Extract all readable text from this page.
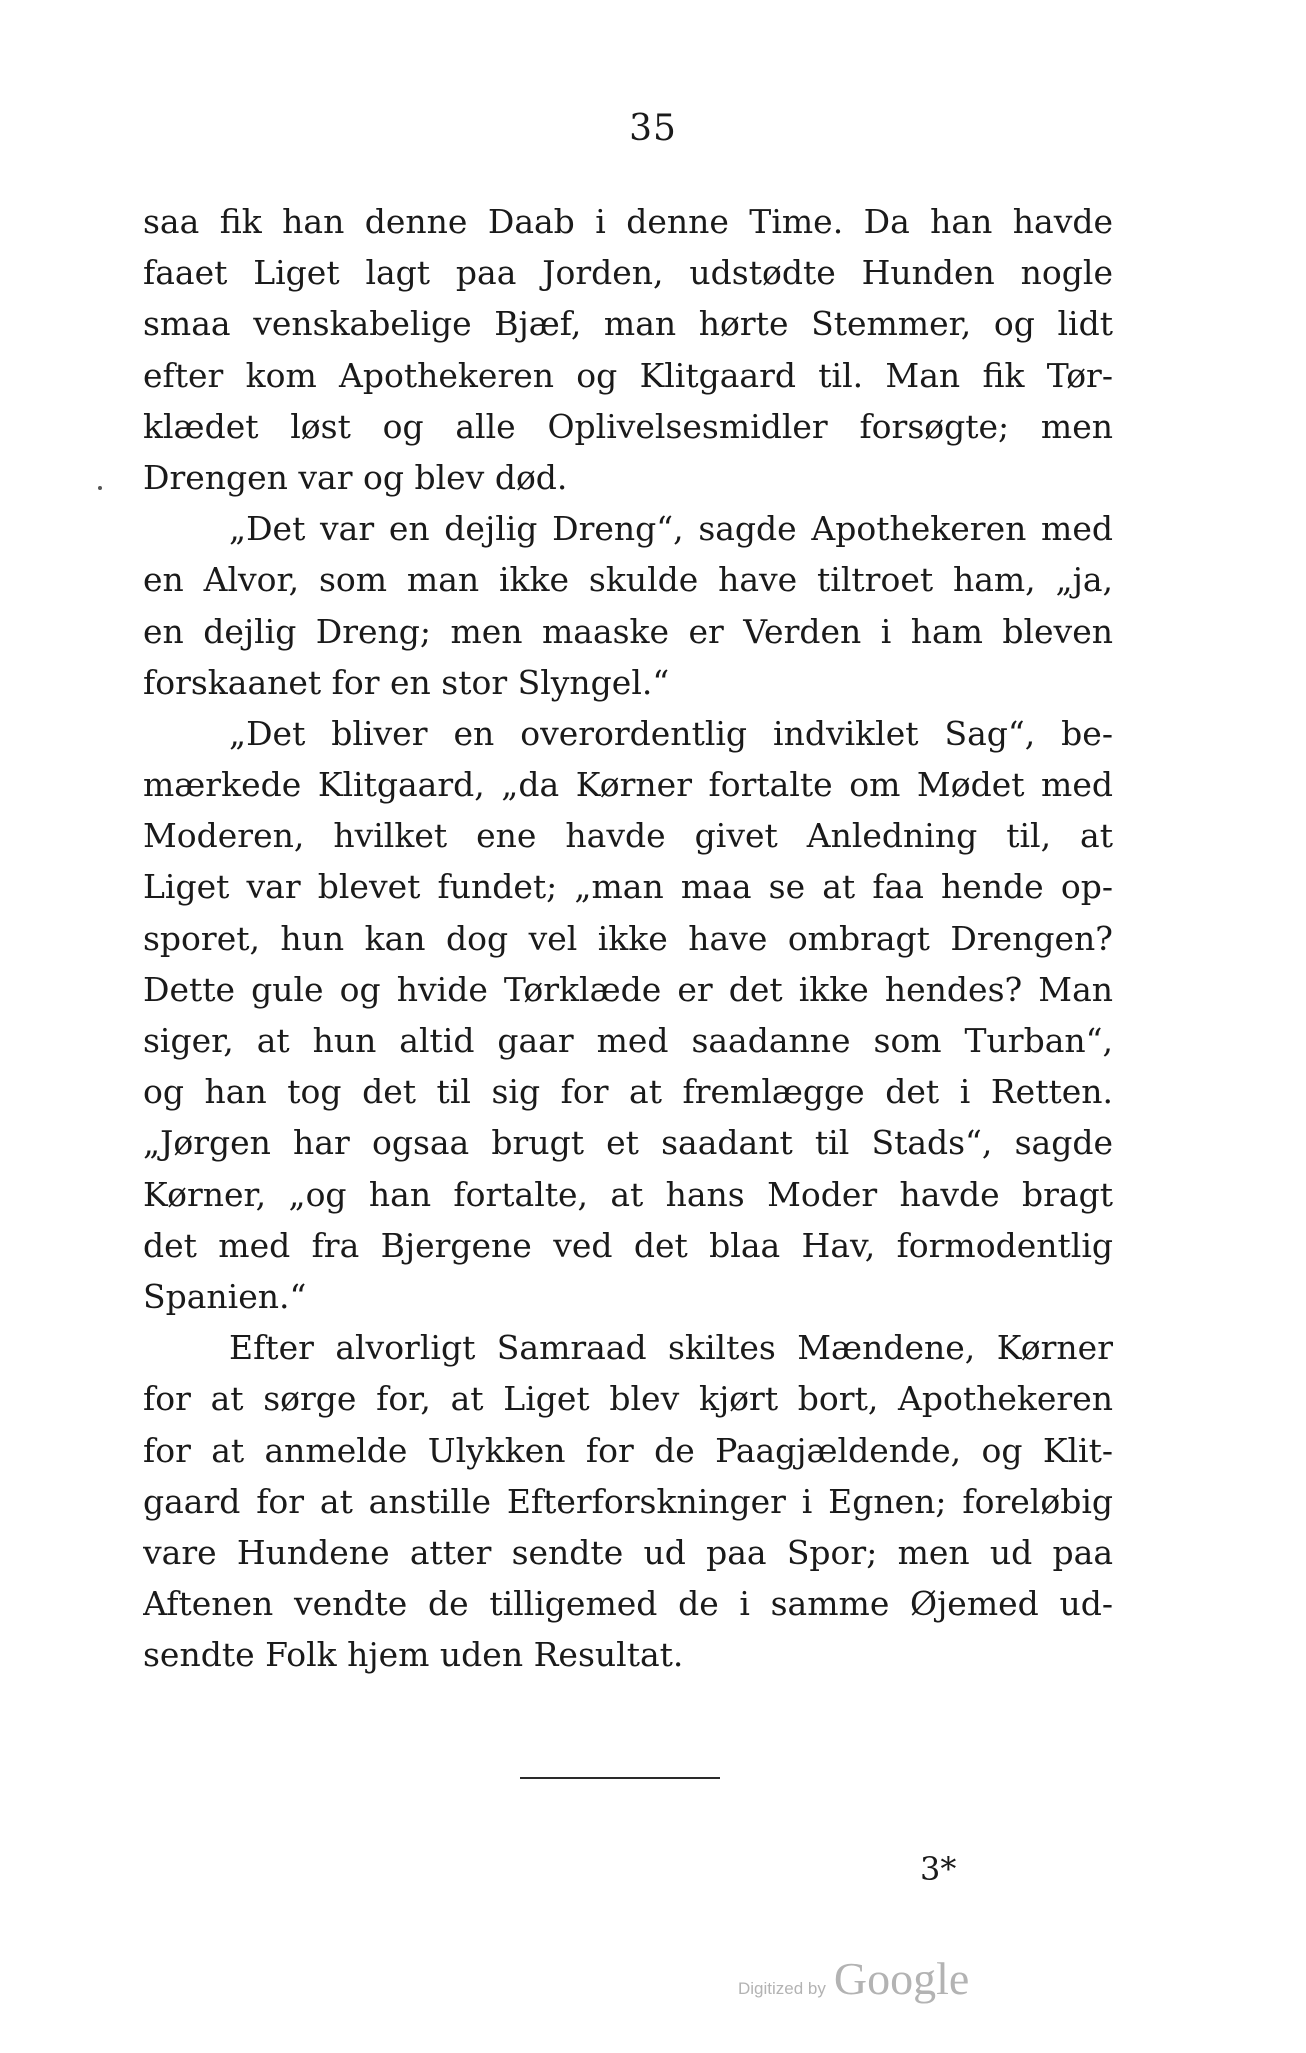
35
saa fik han denne Daab i denne Time. Da han havde
faaet Liget lagt paa Jorden, udstødte Hunden nogle
smaa venskabelige Bjæf, man hørte Stemmer, og lidt
efter kom Apothekeren og Klitgaard til. Man fik Tør-
klædet løst og alle Oplivelsesmidler forsøgte; men
Drengen var og blev død.
„Det var en dejlig Dreng“, sagde Apothekeren med
en Alvor, som man ikke skulde have tiltroet ham, „ja,
en dejlig Dreng; men maaske er Verden i ham bleven
forskaanet for en stor Slyngel.“
„Det bliver en overordentlig indviklet Sag“, be-
mærkede Klitgaard, „da Kørner fortalte om Mødet med
Moderen, hvilket ene havde givet Anledning til, at
Liget var blevet fundet; „man maa se at faa hende op-
sporet, hun kan dog vel ikke have ombragt Drengen?
Dette gule og hvide Tørklæde er det ikke hendes? Man
siger, at hun altid gaar med saadanne som Turban“,
og han tog det til sig for at fremlægge det i Retten.
„Jørgen har ogsaa brugt et saadant til Stads“, sagde
Kørner, „og han fortalte, at hans Moder havde bragt
det med fra Bjergene ved det blaa Hav, formodentlig
Spanien.“
Efter alvorligt Samraad skiltes Mændene, Kørner
for at sørge for, at Liget blev kjørt bort, Apothekeren
for at anmelde Ulykken for de Paagjældende, og Klit-
gaard for at anstille Efterforskninger i Egnen; foreløbig
vare Hundene atter sendte ud paa Spor; men ud paa
Aftenen vendte de tilligemed de i samme Øjemed ud-
sendte Folk hjem uden Resultat.
3*
Digitized by Google
